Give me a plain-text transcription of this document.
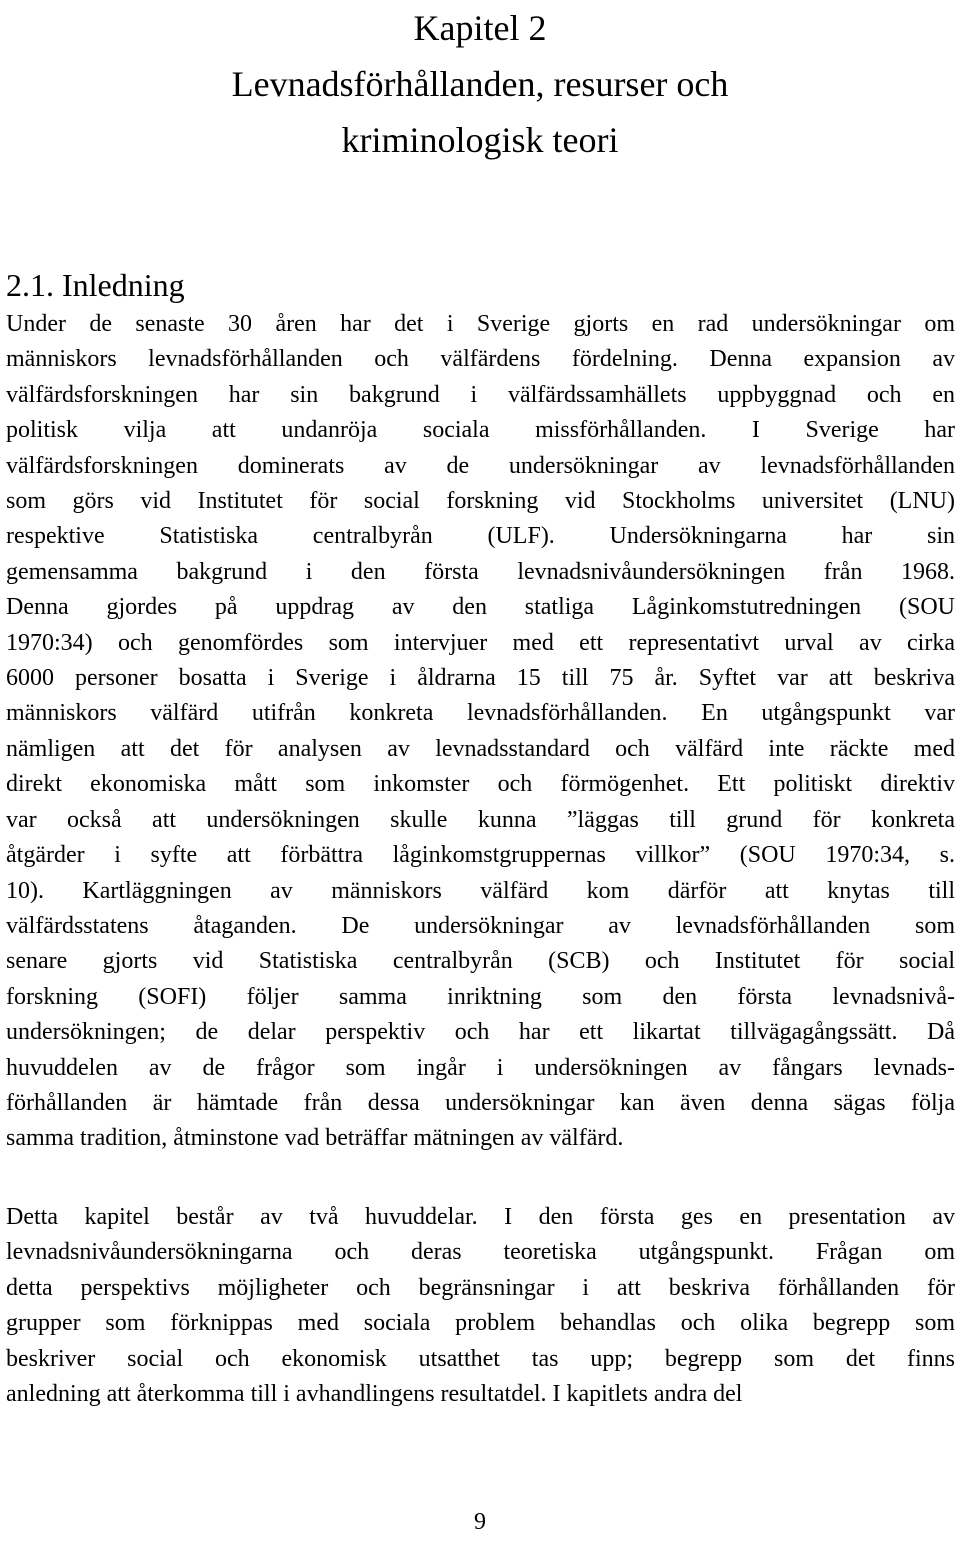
Kapitel 2
Levnadsförhållanden, resurser och
kriminologisk teori
2.1. Inledning
Under de senaste 30 åren har det i Sverige gjorts en rad undersökningar om
människors levnadsförhållanden och välfärdens fördelning. Denna expansion av
välfärdsforskningen har sin bakgrund i välfärdssamhällets uppbyggnad och en
politisk vilja att undanröja sociala missförhållanden. I Sverige har
välfärdsforskningen dominerats av de undersökningar av levnadsförhållanden
som görs vid Institutet för social forskning vid Stockholms universitet (LNU)
respektive Statistiska centralbyrån (ULF). Undersökningarna har sin
gemensamma bakgrund i den första levnadsnivåundersökningen från 1968.
Denna gjordes på uppdrag av den statliga Låginkomstutredningen (SOU
1970:34) och genomfördes som intervjuer med ett representativt urval av cirka
6000 personer bosatta i Sverige i åldrarna 15 till 75 år. Syftet var att beskriva
människors välfärd utifrån konkreta levnadsförhållanden. En utgångspunkt var
nämligen att det för analysen av levnadsstandard och välfärd inte räckte med
direkt ekonomiska mått som inkomster och förmögenhet. Ett politiskt direktiv
var också att undersökningen skulle kunna ”läggas till grund för konkreta
åtgärder i syfte att förbättra låginkomstgruppernas villkor” (SOU 1970:34, s.
10). Kartläggningen av människors välfärd kom därför att knytas till
välfärdsstatens åtaganden. De undersökningar av levnadsförhållanden som
senare gjorts vid Statistiska centralbyrån (SCB) och Institutet för social
forskning (SOFI) följer samma inriktning som den första levnadsnivå-
undersökningen; de delar perspektiv och har ett likartat tillvägagångssätt. Då
huvuddelen av de frågor som ingår i undersökningen av fångars levnads-
förhållanden är hämtade från dessa undersökningar kan även denna sägas följa
samma tradition, åtminstone vad beträffar mätningen av välfärd.
Detta kapitel består av två huvuddelar. I den första ges en presentation av
levnadsnivåundersökningarna och deras teoretiska utgångspunkt. Frågan om
detta perspektivs möjligheter och begränsningar i att beskriva förhållanden för
grupper som förknippas med sociala problem behandlas och olika begrepp som
beskriver social och ekonomisk utsatthet tas upp; begrepp som det finns
anledning att återkomma till i avhandlingens resultatdel. I kapitlets andra del
9
